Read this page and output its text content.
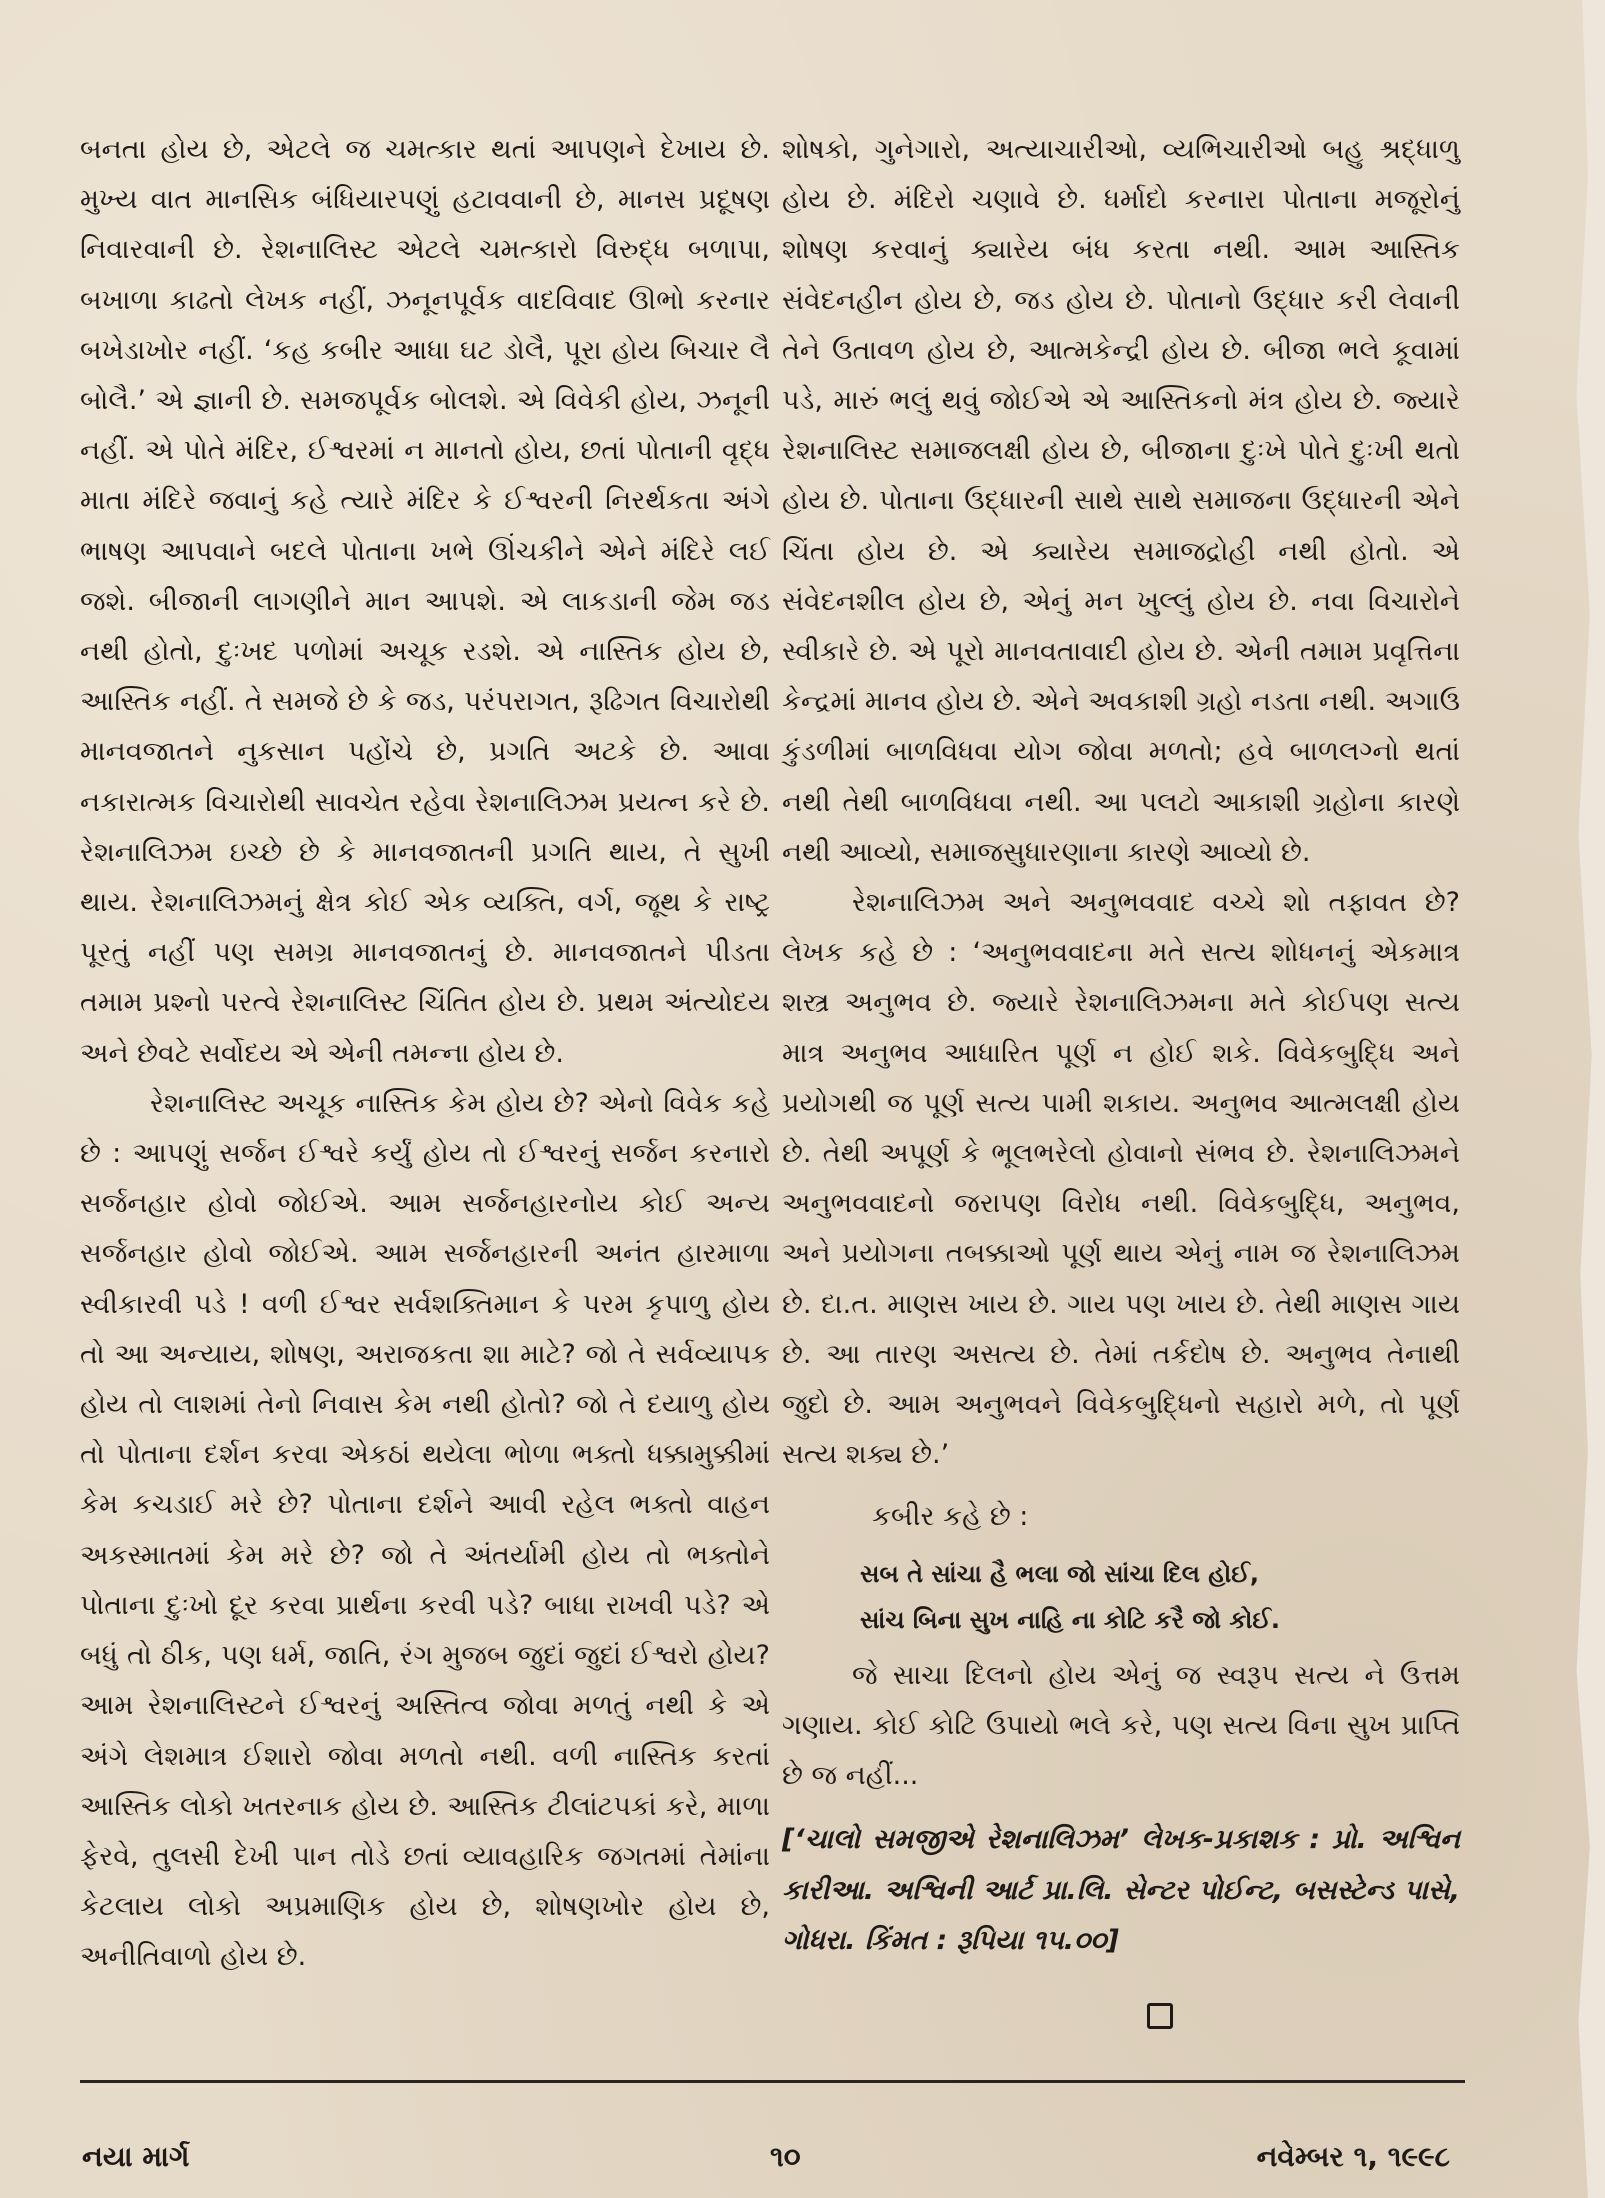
બનતા હોય છે, એટલે જ ચમત્કાર થતાં આપણને દેખાય છે. મુખ્ય વાત માનસિક બંધિયારપણું હટાવવાની છે, માનસ પ્રદૂષણ નિવારવાની છે. રેશનાલિસ્ટ એટલે ચમત્કારો વિરુદ્ધ બળાપા, બખાળા કાઢતો લેખક નહીં, ઝનૂનપૂર્વક વાદવિવાદ ઊભો કરનાર બખેડાખોર નહીં. ‘કહ કબીર આધા ઘટ ડોલૈ, પૂરા હોય બિચાર લૈ બોલૈ.’ એ જ્ઞાની છે. સમજપૂર્વક બોલશે. એ વિવેકી હોય, ઝનૂની નહીં. એ પોતે મંદિર, ઈશ્વરમાં ન માનતો હોય, છતાં પોતાની વૃદ્ધ માતા મંદિરે જવાનું કહે ત્યારે મંદિર કે ઈશ્વરની નિરર્થકતા અંગે ભાષણ આપવાને બદલે પોતાના ખભે ઊંચકીને એને મંદિરે લઈ જશે. બીજાની લાગણીને માન આપશે. એ લાકડાની જેમ જડ નથી હોતો, દુઃખદ પળોમાં અચૂક રડશે. એ નાસ્તિક હોય છે, આસ્તિક નહીં. તે સમજે છે કે જડ, પરંપરાગત, રૂઢિગત વિચારોથી માનવજાતને નુકસાન પહોંચે છે, પ્રગતિ અટકે છે. આવા નકારાત્મક વિચારોથી સાવચેત રહેવા રેશનાલિઝમ પ્રયત્ન કરે છે. રેશનાલિઝમ ઇચ્છે છે કે માનવજાતની પ્રગતિ થાય, તે સુખી થાય. રેશનાલિઝમનું ક્ષેત્ર કોઈ એક વ્યક્તિ, વર્ગ, જૂથ કે રાષ્ટ્ર પૂરતું નહીં પણ સમગ્ર માનવજાતનું છે. માનવજાતને પીડતા તમામ પ્રશ્નો પરત્વે રેશનાલિસ્ટ ચિંતિત હોય છે. પ્રથમ અંત્યોદય અને છેવટે સર્વોદય એ એની તમન્ના હોય છે.

રેશનાલિસ્ટ અચૂક નાસ્તિક કેમ હોય છે? એનો વિવેક કહે છે : આપણું સર્જન ઈશ્વરે કર્યું હોય તો ઈશ્વરનું સર્જન કરનારો સર્જનહાર હોવો જોઈએ. આમ સર્જનહારનોય કોઈ અન્ય સર્જનહાર હોવો જોઈએ. આમ સર્જનહારની અનંત હારમાળા સ્વીકારવી પડે ! વળી ઈશ્વર સર્વશક્તિમાન કે પરમ કૃપાળુ હોય તો આ અન્યાય, શોષણ, અરાજકતા શા માટે? જો તે સર્વવ્યાપક હોય તો લાશમાં તેનો નિવાસ કેમ નથી હોતો? જો તે દયાળુ હોય તો પોતાના દર્શન કરવા એકઠાં થયેલા ભોળા ભક્તો ધક્કામુક્કીમાં કેમ કચડાઈ મરે છે? પોતાના દર્શને આવી રહેલ ભક્તો વાહન અકસ્માતમાં કેમ મરે છે? જો તે અંતર્યામી હોય તો ભક્તોને પોતાના દુઃખો દૂર કરવા પ્રાર્થના કરવી પડે? બાધા રાખવી પડે? એ બધું તો ઠીક, પણ ધર્મ, જાતિ, રંગ મુજબ જુદાં જુદાં ઈશ્વરો હોય? આમ રેશનાલિસ્ટને ઈશ્વરનું અસ્તિત્વ જોવા મળતું નથી કે એ અંગે લેશમાત્ર ઈશારો જોવા મળતો નથી. વળી નાસ્તિક કરતાં આસ્તિક લોકો ખતરનાક હોય છે. આસ્તિક ટીલાંટપકાં કરે, માળા ફેરવે, તુલસી દેખી પાન તોડે છતાં વ્યાવહારિક જગતમાં તેમાંના કેટલાય લોકો અપ્રમાણિક હોય છે, શોષણખોર હોય છે, અનીતિવાળો હોય છે.

શોષકો, ગુનેગારો, અત્યાચારીઓ, વ્યભિચારીઓ બહુ શ્રદ્ધાળુ હોય છે. મંદિરો ચણાવે છે. ધર્માદો કરનારા પોતાના મજૂરોનું શોષણ કરવાનું ક્યારેય બંધ કરતા નથી. આમ આસ્તિક સંવેદનહીન હોય છે, જડ હોય છે. પોતાનો ઉદ્ધાર કરી લેવાની તેને ઉતાવળ હોય છે, આત્મકેન્દ્રી હોય છે. બીજા ભલે કૂવામાં પડે, મારું ભલું થવું જોઈએ એ આસ્તિકનો મંત્ર હોય છે. જ્યારે રેશનાલિસ્ટ સમાજલક્ષી હોય છે, બીજાના દુઃખે પોતે દુઃખી થતો હોય છે. પોતાના ઉદ્ધારની સાથે સાથે સમાજના ઉદ્ધારની એને ચિંતા હોય છે. એ ક્યારેય સમાજદ્રોહી નથી હોતો. એ સંવેદનશીલ હોય છે, એનું મન ખુલ્લું હોય છે. નવા વિચારોને સ્વીકારે છે. એ પૂરો માનવતાવાદી હોય છે. એની તમામ પ્રવૃત્તિના કેન્દ્રમાં માનવ હોય છે. એને અવકાશી ગ્રહો નડતા નથી. અગાઉ કુંડળીમાં બાળવિધવા યોગ જોવા મળતો; હવે બાળલગ્નો થતાં નથી તેથી બાળવિધવા નથી. આ પલટો આકાશી ગ્રહોના કારણે નથી આવ્યો, સમાજસુધારણાના કારણે આવ્યો છે.

રેશનાલિઝમ અને અનુભવવાદ વચ્ચે શો તફાવત છે? લેખક કહે છે : ‘અનુભવવાદના મતે સત્ય શોધનનું એકમાત્ર શસ્ત્ર અનુભવ છે. જ્યારે રેશનાલિઝમના મતે કોઈપણ સત્ય માત્ર અનુભવ આધારિત પૂર્ણ ન હોઈ શકે. વિવેકબુદ્ધિ અને પ્રયોગથી જ પૂર્ણ સત્ય પામી શકાય. અનુભવ આત્મલક્ષી હોય છે. તેથી અપૂર્ણ કે ભૂલભરેલો હોવાનો સંભવ છે. રેશનાલિઝમને અનુભવવાદનો જરાપણ વિરોધ નથી. વિવેકબુદ્ધિ, અનુભવ, અને પ્રયોગના તબક્કાઓ પૂર્ણ થાય એનું નામ જ રેશનાલિઝમ છે. દા.ત. માણસ ખાય છે. ગાય પણ ખાય છે. તેથી માણસ ગાય છે. આ તારણ અસત્ય છે. તેમાં તર્કદોષ છે. અનુભવ તેનાથી જુદો છે. આમ અનુભવને વિવેકબુદ્ધિનો સહારો મળે, તો પૂર્ણ સત્ય શક્ય છે.’

કબીર કહે છે :

સબ તે સાંચા હૈ ભલા જો સાંચા દિલ હોઈ,
સાંચ બિના સુખ નાહિ ના કોટિ કરૈ જો કોઈ.

જે સાચા દિલનો હોય એનું જ સ્વરૂપ સત્ય ને ઉત્તમ ગણાય. કોઈ કોટિ ઉપાયો ભલે કરે, પણ સત્ય વિના સુખ પ્રાપ્તિ છે જ નહીં...

[‘ચાલો સમજીએ રેશનાલિઝમ’ લેખક-પ્રકાશક : પ્રો. અશ્વિન કારીઆ. અશ્વિની આર્ટ પ્રા.લિ. સેન્ટર પોઈન્ટ, બસસ્ટેન્ડ પાસે, ગોધરા. કિંમત : રૂપિયા ૧૫.૦૦]

નયા માર્ગ	૧૦	નવેમ્બર ૧, ૧૯૯૮
